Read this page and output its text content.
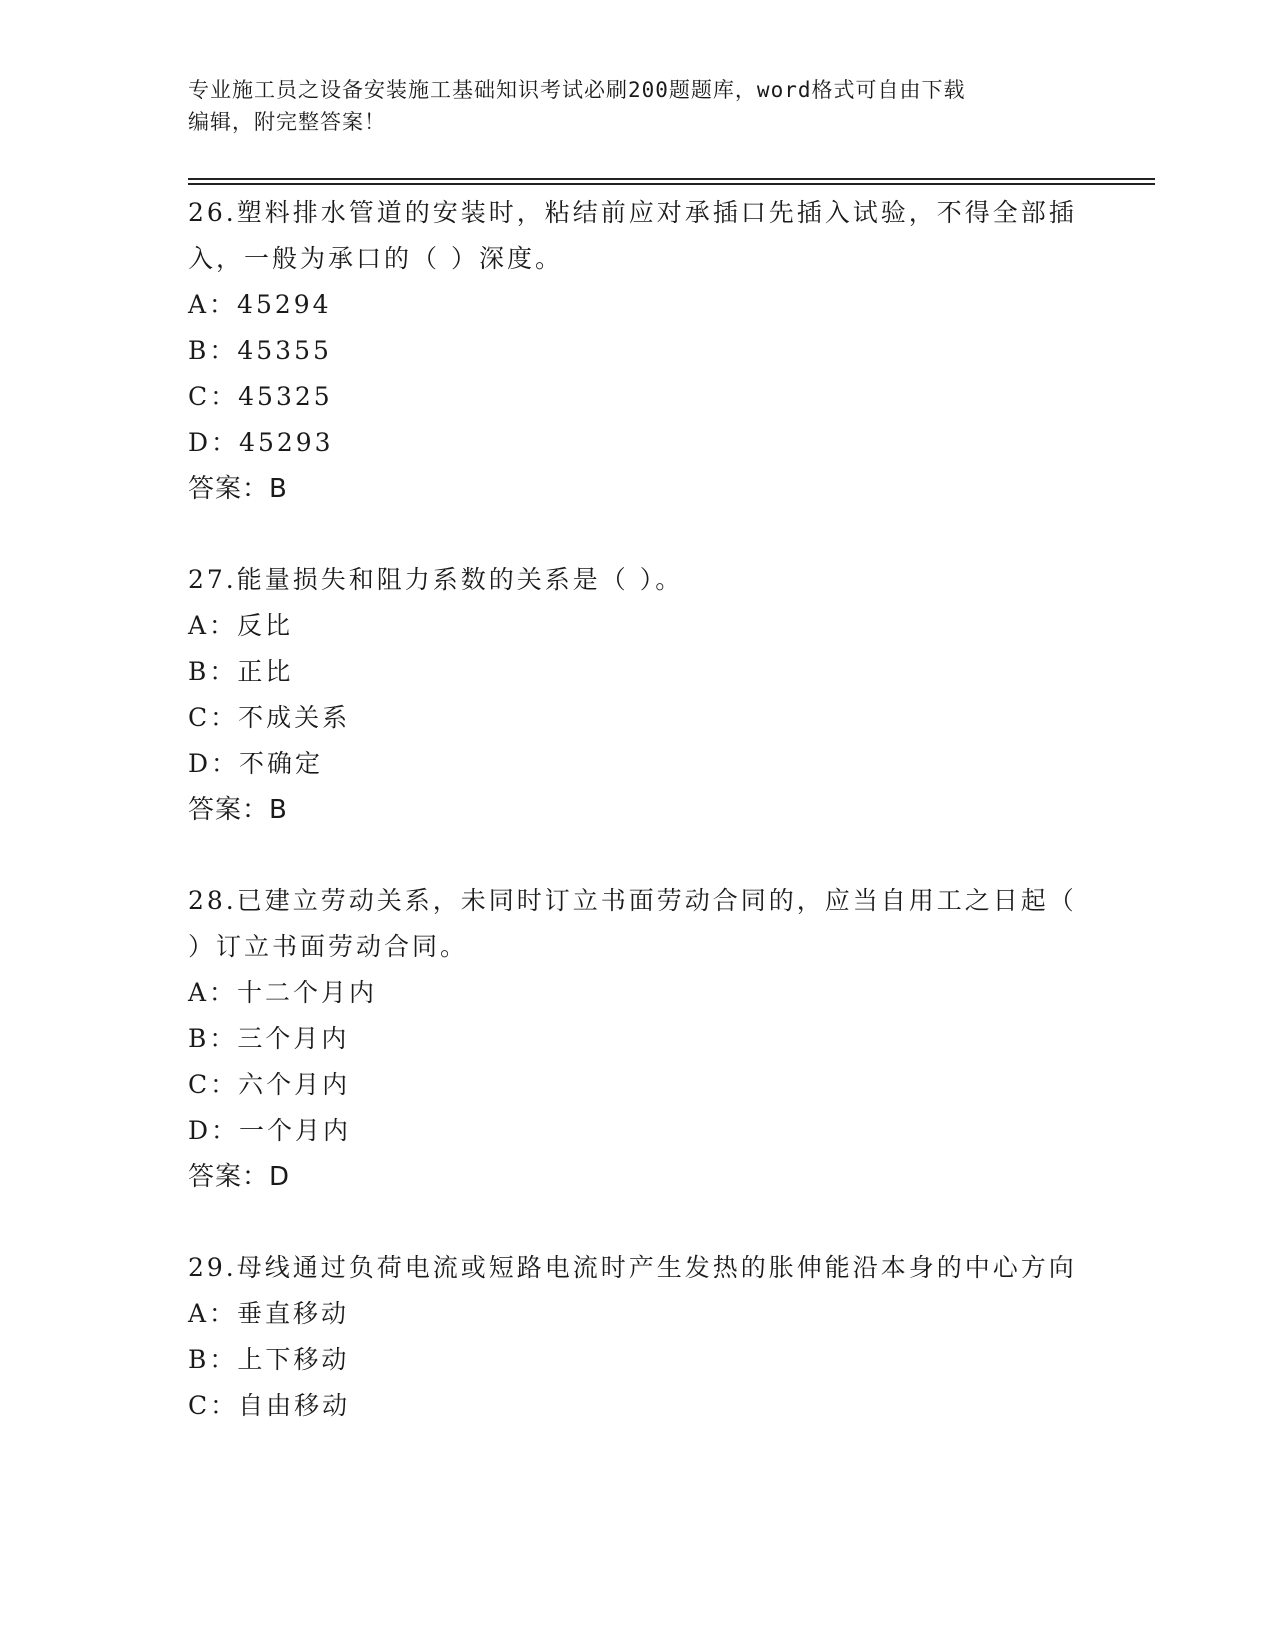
专业施工员之设备安装施工基础知识考试必刷200题题库，word格式可自由下载
编辑，附完整答案！
26.塑料排水管道的安装时，粘结前应对承插口先插入试验，不得全部插入，一般为承口的（ ）深度。
A：45294
B：45355
C：45325
D：45293
答案：B
27.能量损失和阻力系数的关系是（ ）。
A：反比
B：正比
C：不成关系
D：不确定
答案：B
28.已建立劳动关系，未同时订立书面劳动合同的，应当自用工之日起（ ）订立书面劳动合同。
A：十二个月内
B：三个月内
C：六个月内
D：一个月内
答案：D
29.母线通过负荷电流或短路电流时产生发热的胀伸能沿本身的中心方向
A：垂直移动
B：上下移动
C：自由移动
